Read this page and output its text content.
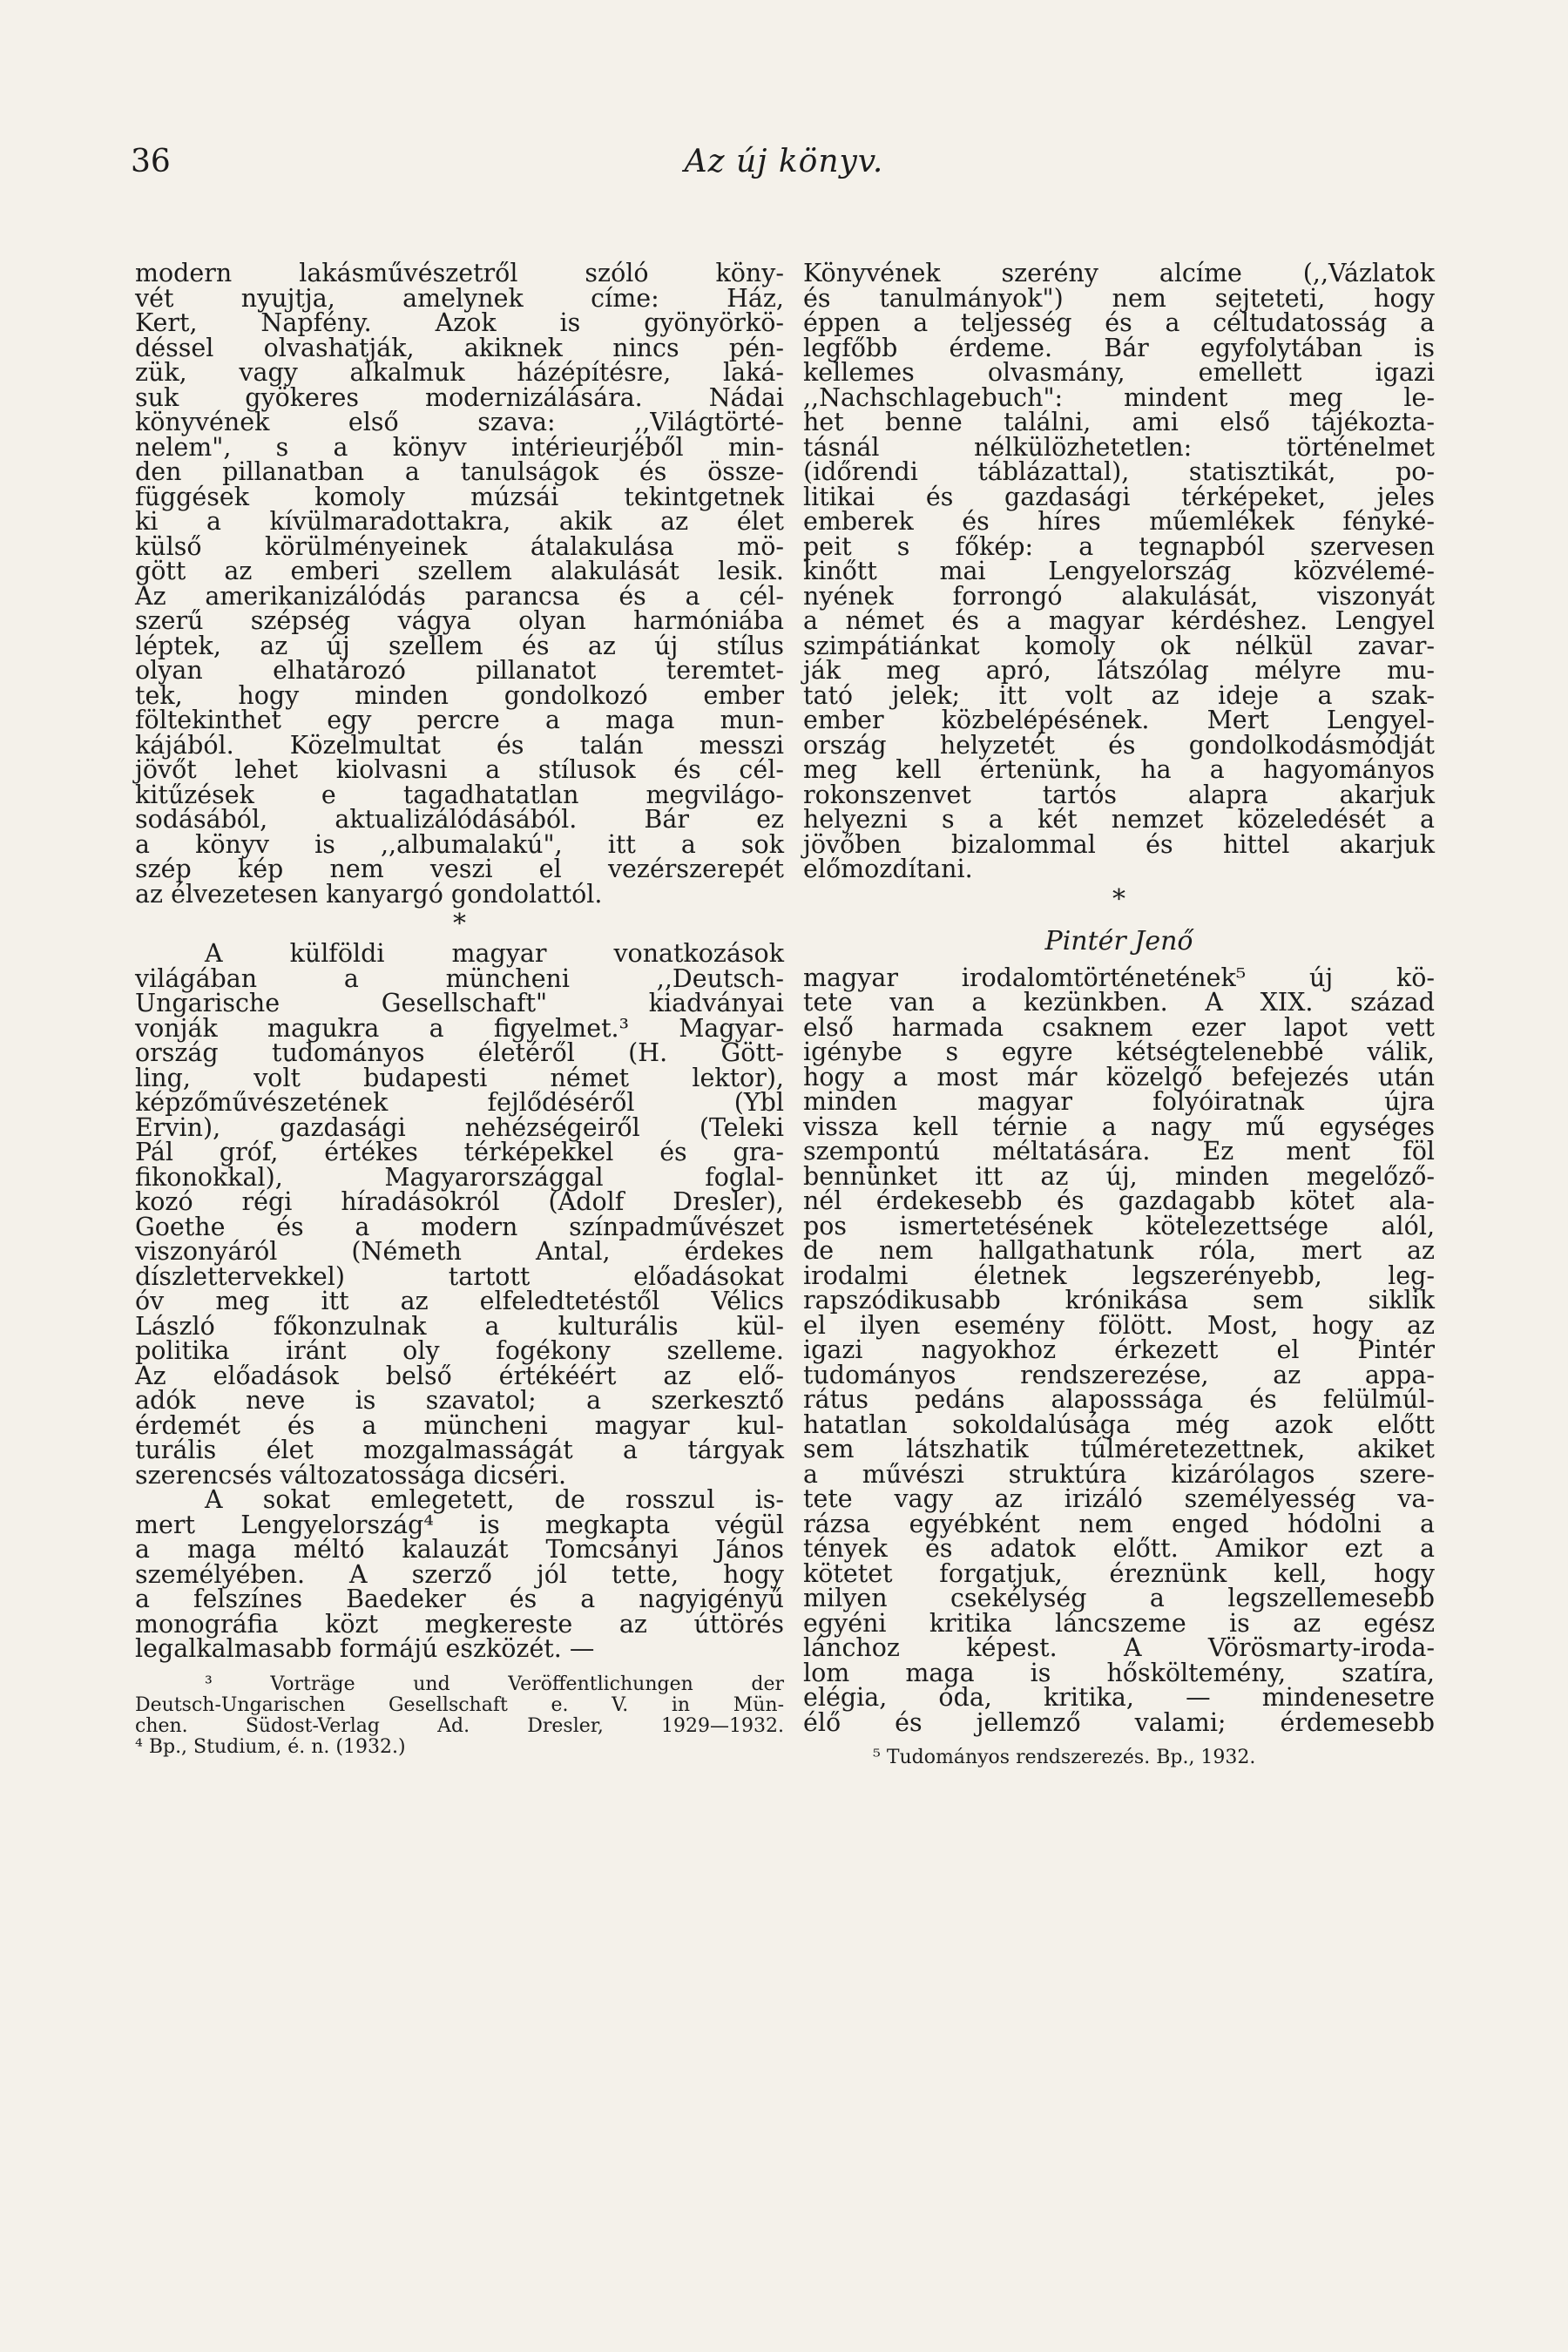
36	Az új könyv.
modern lakásművészetről szóló köny-
vét nyujtja, amelynek címe: Ház,
Kert, Napfény. Azok is gyönyörkö-
déssel olvashatják, akiknek nincs pén-
zük, vagy alkalmuk házépítésre, laká-
suk gyökeres modernizálására. Nádai
könyvének első szava: ,,Világtörté-
nelem", s a könyv intérieurjéből min-
den pillanatban a tanulságok és össze-
függések komoly múzsái tekintgetnek
ki a kívülmaradottakra, akik az élet
külső körülményeinek átalakulása mö-
gött az emberi szellem alakulását lesik.
Az amerikanizálódás parancsa és a cél-
szerű szépség vágya olyan harmóniába
léptek, az új szellem és az új stílus
olyan elhatározó pillanatot teremtet-
tek, hogy minden gondolkozó ember
föltekinthet egy percre a maga mun-
kájából. Közelmultat és talán messzi
jövőt lehet kiolvasni a stílusok és cél-
kitűzések e tagadhatatlan megvilágo-
sodásából, aktualizálódásából. Bár ez
a könyv is ,,albumalakú", itt a sok
szép kép nem veszi el vezérszerepét
az élvezetesen kanyargó gondolattól.
*
A külföldi magyar vonatkozások
világában a müncheni ,,Deutsch-
Ungarische Gesellschaft" kiadványai
vonják magukra a figyelmet.³ Magyar-
ország tudományos életéről (H. Gött-
ling, volt budapesti német lektor),
képzőművészetének fejlődéséről (Ybl
Ervin), gazdasági nehézségeiről (Teleki
Pál gróf, értékes térképekkel és gra-
fikonokkal), Magyarországgal foglal-
kozó régi híradásokról (Adolf Dresler),
Goethe és a modern színpadművészet
viszonyáról (Németh Antal, érdekes
díszlettervekkel) tartott előadásokat
óv meg itt az elfeledtetéstől Vélics
László főkonzulnak a kulturális kül-
politika iránt oly fogékony szelleme.
Az előadások belső értékéért az elő-
adók neve is szavatol; a szerkesztő
érdemét és a müncheni magyar kul-
turális élet mozgalmasságát a tárgyak
szerencsés változatossága dicséri.
A sokat emlegetett, de rosszul is-
mert Lengyelország⁴ is megkapta végül
a maga méltó kalauzát Tomcsányi János
személyében. A szerző jól tette, hogy
a felszínes Baedeker és a nagyigényű
monográfia közt megkereste az úttörés
legalkalmasabb formájú eszközét. —
³ Vorträge und Veröffentlichungen der
Deutsch-Ungarischen Gesellschaft e. V. in Mün-
chen. Südost-Verlag Ad. Dresler, 1929—1932.
⁴ Bp., Studium, é. n. (1932.)
Könyvének szerény alcíme (,,Vázlatok
és tanulmányok") nem sejteteti, hogy
éppen a teljesség és a céltudatosság a
legfőbb érdeme. Bár egyfolytában is
kellemes olvasmány, emellett igazi
,,Nachschlagebuch": mindent meg le-
het benne találni, ami első tájékozta-
tásnál nélkülözhetetlen: történelmet
(időrendi táblázattal), statisztikát, po-
litikai és gazdasági térképeket, jeles
emberek és híres műemlékek fényké-
peit s főkép: a tegnapból szervesen
kinőtt mai Lengyelország közvélemé-
nyének forrongó alakulását, viszonyát
a német és a magyar kérdéshez. Lengyel
szimpátiánkat komoly ok nélkül zavar-
ják meg apró, látszólag mélyre mu-
tató jelek; itt volt az ideje a szak-
ember közbelépésének. Mert Lengyel-
ország helyzetét és gondolkodásmódját
meg kell értenünk, ha a hagyományos
rokonszenvet tartós alapra akarjuk
helyezni s a két nemzet közeledését a
jövőben bizalommal és hittel akarjuk
előmozdítani.
*
Pintér Jenő
magyar irodalomtörténetének⁵ új kö-
tete van a kezünkben. A XIX. század
első harmada csaknem ezer lapot vett
igénybe s egyre kétségtelenebbé válik,
hogy a most már közelgő befejezés után
minden magyar folyóiratnak újra
vissza kell térnie a nagy mű egységes
szempontú méltatására. Ez ment föl
bennünket itt az új, minden megelőző-
nél érdekesebb és gazdagabb kötet ala-
pos ismertetésének kötelezettsége alól,
de nem hallgathatunk róla, mert az
irodalmi életnek legszerényebb, leg-
rapszódikusabb krónikása sem siklik
el ilyen esemény fölött. Most, hogy az
igazi nagyokhoz érkezett el Pintér
tudományos rendszerezése, az appa-
rátus pedáns alaposssága és felülmúl-
hatatlan sokoldalúsága még azok előtt
sem látszhatik túlméretezettnek, akiket
a művészi struktúra kizárólagos szere-
tete vagy az irizáló személyesség va-
rázsa egyébként nem enged hódolni a
tények és adatok előtt. Amikor ezt a
kötetet forgatjuk, éreznünk kell, hogy
milyen csekélység a legszellemesebb
egyéni kritika láncszeme is az egész
lánchoz képest. A Vörösmarty-iroda-
lom maga is hősköltemény, szatíra,
elégia, óda, kritika, — mindenesetre
élő és jellemző valami; érdemesebb
⁵ Tudományos rendszerezés. Bp., 1932.
